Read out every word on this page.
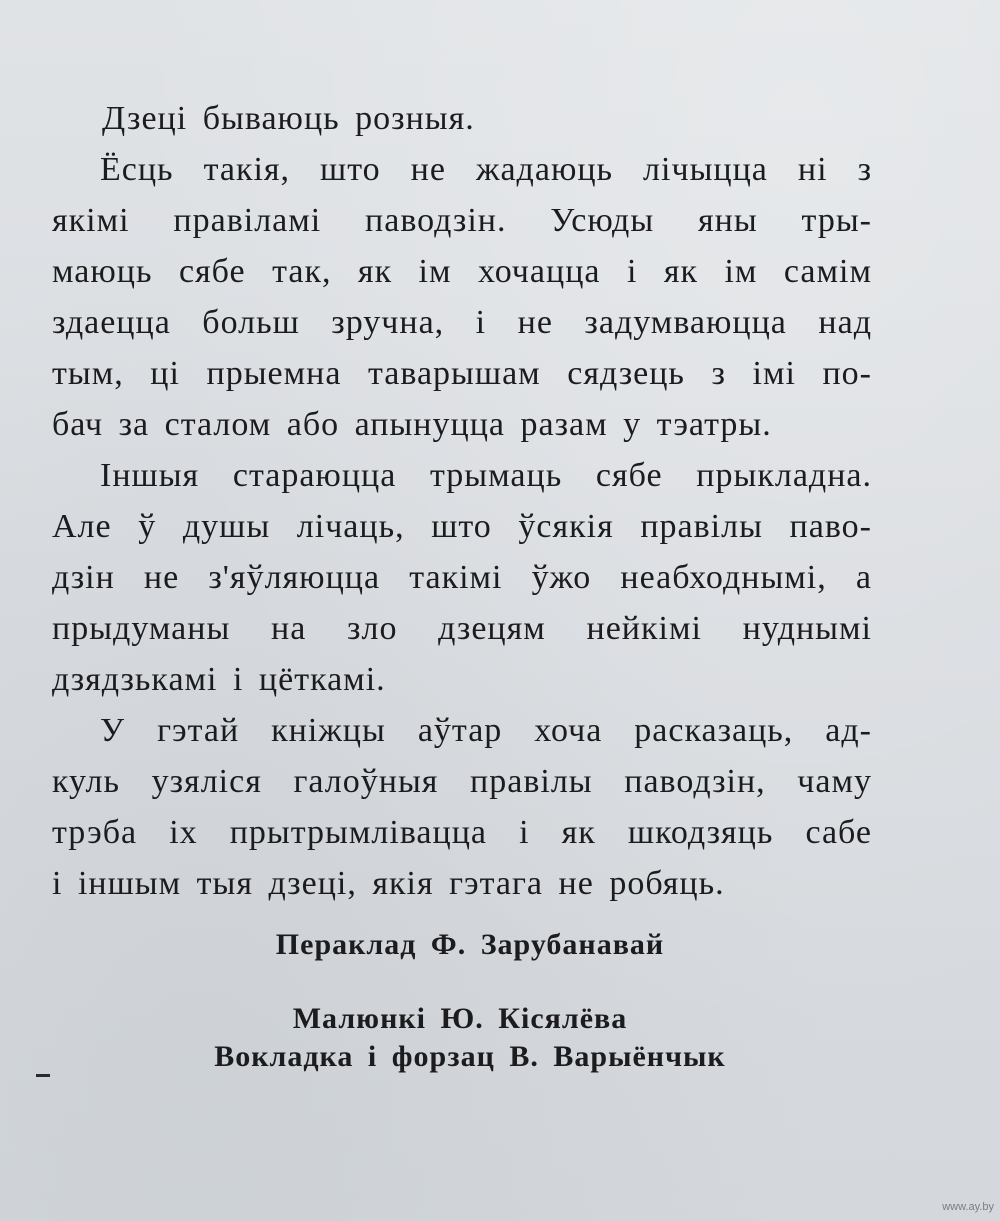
Дзецi бываюць розныя.

Ёсць такiя, што не жадаюць лiчыцца нi з
якiмi правiламi паводзiн. Усюды яны тры-
маюць сябе так, як iм хочацца i як iм самiм
здаецца больш зручна, i не задумваюцца над
тым, цi прыемна таварышам сядзець з iмi по-
бач за сталом або апынуцца разам у тэатры.

Iншыя стараюцца трымаць сябе прыкладна.
Але ў душы лiчаць, што ўсякiя правiлы паво-
дзiн не з'яўляюцца такiмi ўжо неабходнымi, а
прыдуманы на зло дзецям нейкiмi нуднымi
дзядзькамi i цёткамi.

У гэтай кнiжцы аўтар хоча расказаць, ад-
куль узялiся галоўныя правiлы паводзiн, чаму
трэба iх прытрымлiвацца i як шкодзяць сабе
i iншым тыя дзецi, якiя гэтага не робяць.

Пераклад Ф. Зарубанавай
Малюнкi Ю. Кiсялёва
Вокладка i форзац В. Варыёнчык
www.ay.by
